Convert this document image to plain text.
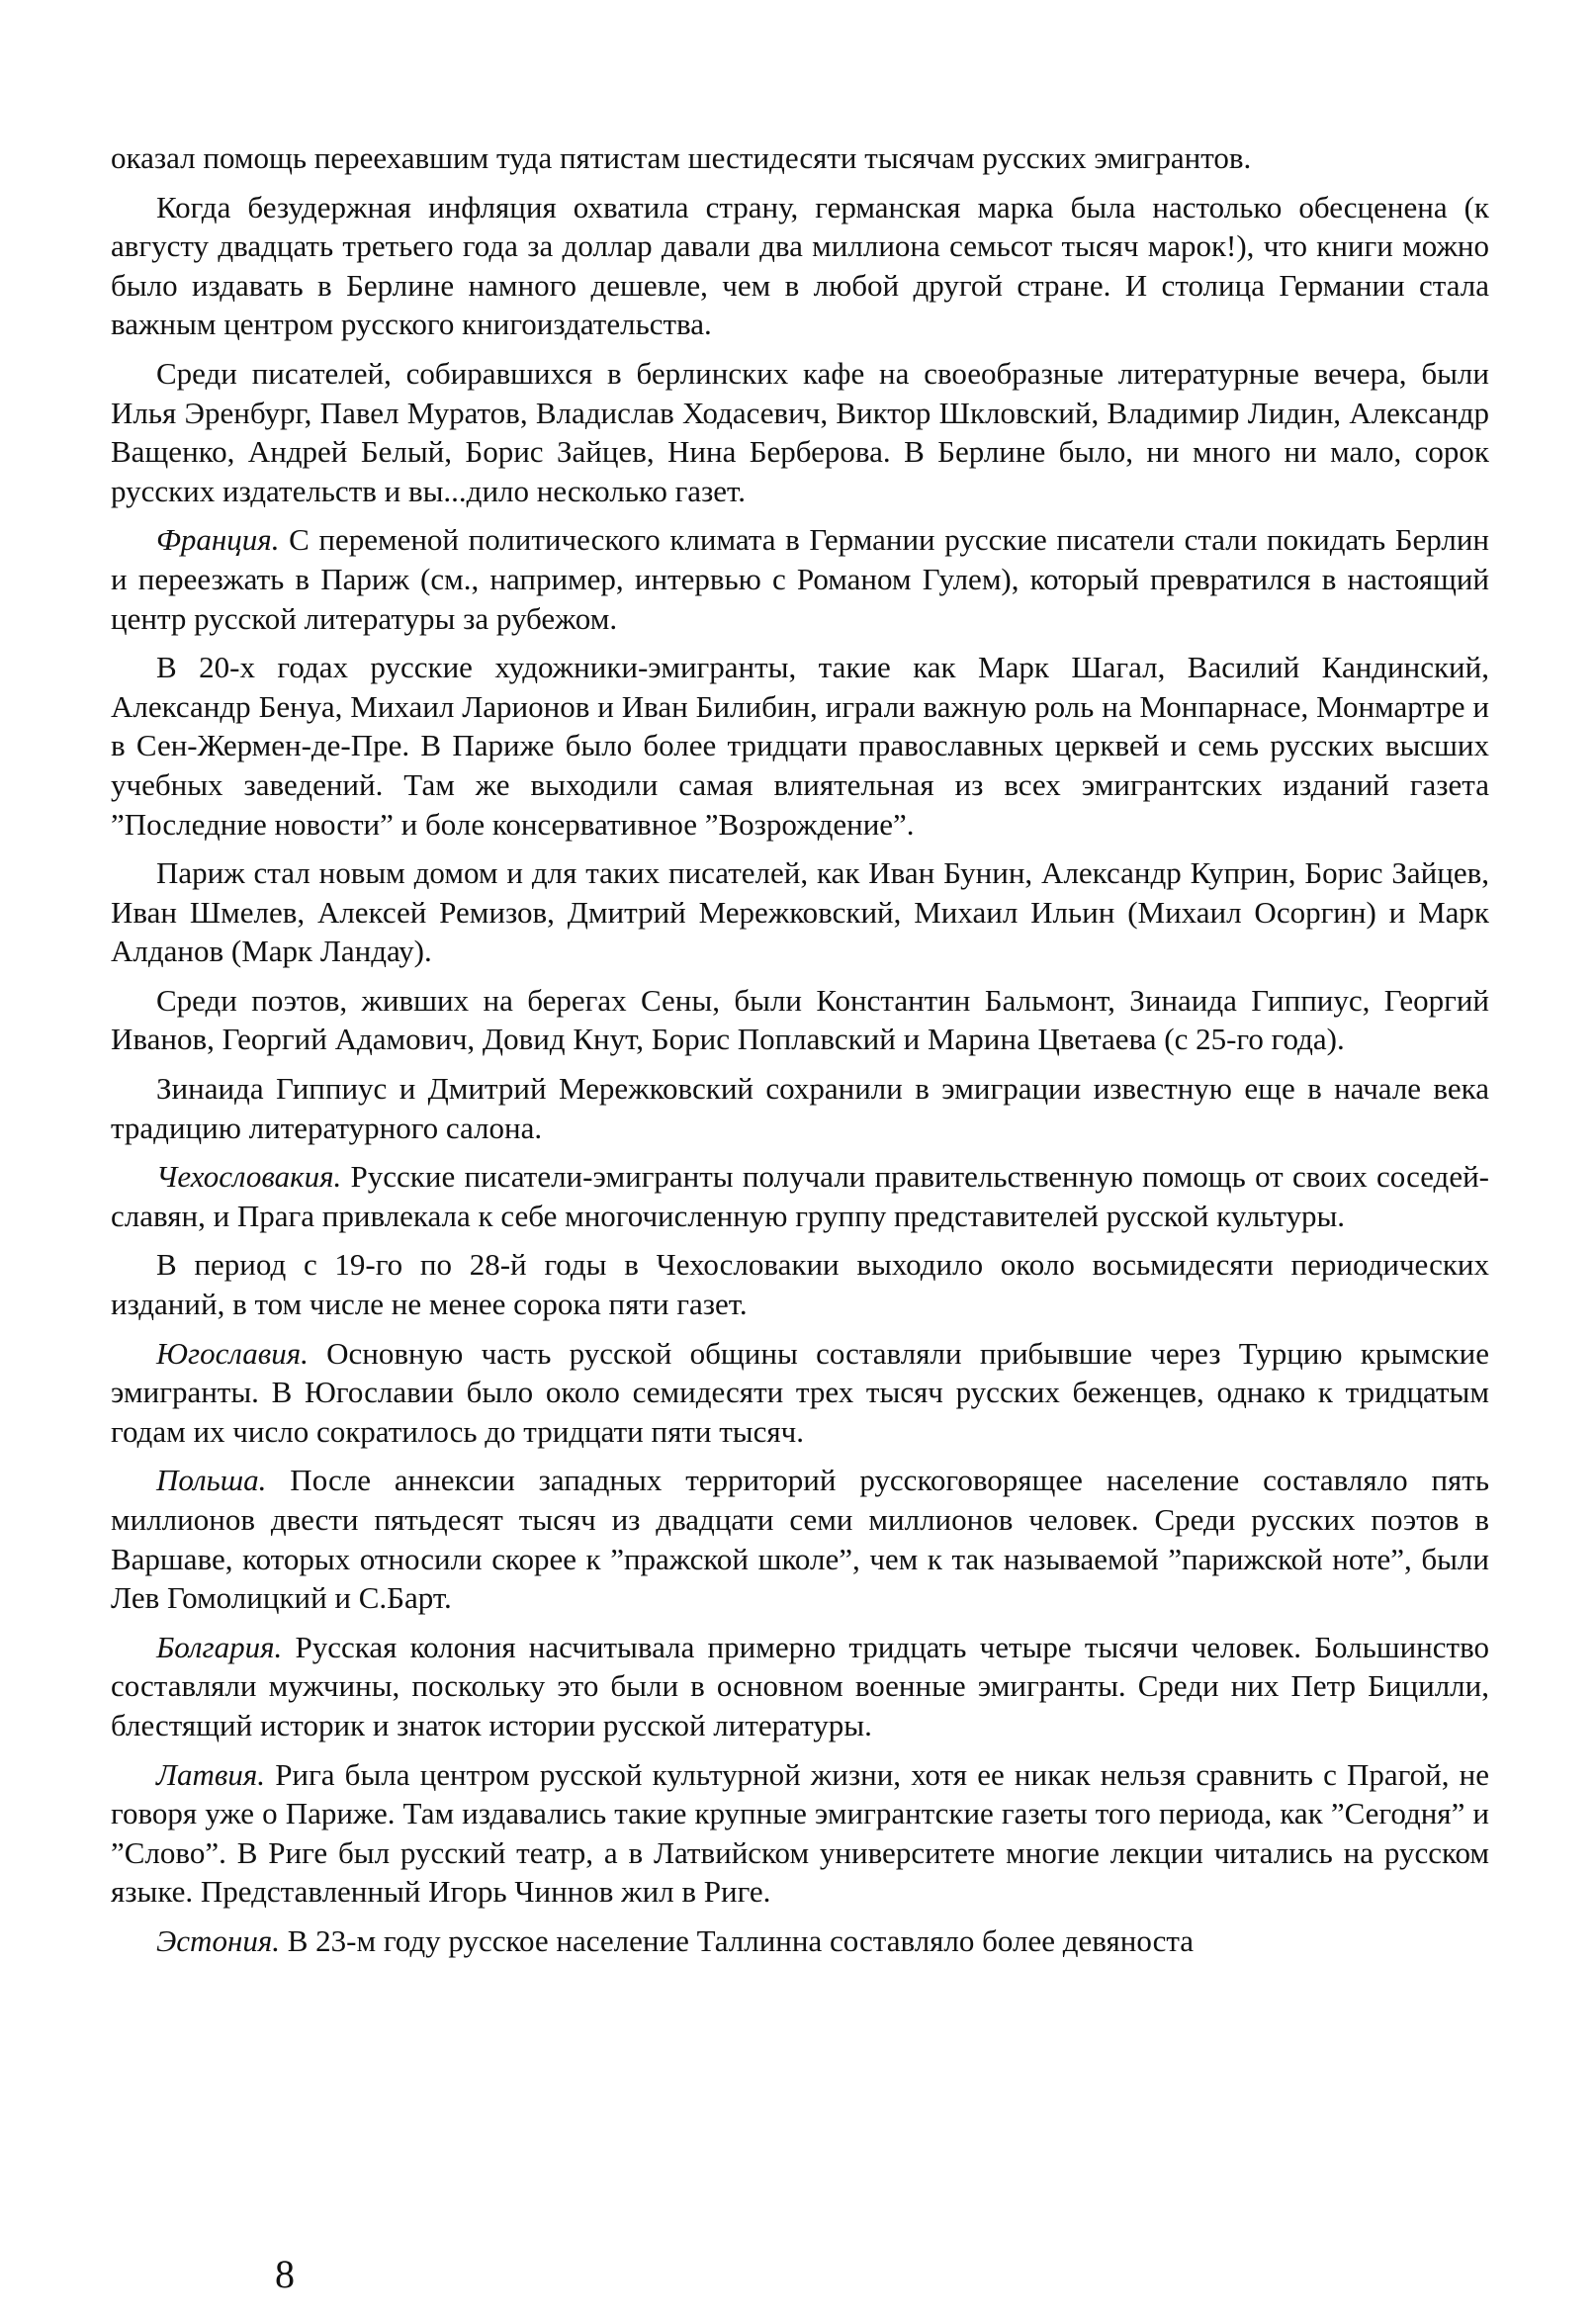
оказал помощь переехавшим туда пятистам шестидесяти тысячам русских эмигрантов.

Когда безудержная инфляция охватила страну, германская марка была настолько обесценена (к августу двадцать третьего года за доллар давали два миллиона семьсот тысяч марок!), что книги можно было издавать в Берлине намного дешевле, чем в любой другой стране. И столица Германии стала важным центром русского книгоиздательства.

Среди писателей, собиравшихся в берлинских кафе на своеобразные литературные вечера, были Илья Эренбург, Павел Муратов, Владислав Ходасевич, Виктор Шкловский, Владимир Лидин, Александр Ващенко, Андрей Белый, Борис Зайцев, Нина Берберова. В Берлине было, ни много ни мало, сорок русских издательств и вы...дило несколько газет.

Франция. С переменой политического климата в Германии русские писатели стали покидать Берлин и переезжать в Париж (см., например, интервью с Романом Гулем), который превратился в настоящий центр русской литературы за рубежом.

В 20-х годах русские художники-эмигранты, такие как Марк Шагал, Василий Кандинский, Александр Бенуа, Михаил Ларионов и Иван Билибин, играли важную роль на Монпарнасе, Монмартре и в Сен-Жермен-де-Пре. В Париже было более тридцати православных церквей и семь русских высших учебных заведений. Там же выходили самая влиятельная из всех эмигрантских изданий газета ”Последние новости” и боле консервативное ”Возрождение”.

Париж стал новым домом и для таких писателей, как Иван Бунин, Александр Куприн, Борис Зайцев, Иван Шмелев, Алексей Ремизов, Дмитрий Мережковский, Михаил Ильин (Михаил Осоргин) и Марк Алданов (Марк Ландау).

Среди поэтов, живших на берегах Сены, были Константин Бальмонт, Зинаида Гиппиус, Георгий Иванов, Георгий Адамович, Довид Кнут, Борис Поплавский и Марина Цветаева (с 25-го года).

Зинаида Гиппиус и Дмитрий Мережковский сохранили в эмиграции известную еще в начале века традицию литературного салона.

Чехословакия. Русские писатели-эмигранты получали правительственную помощь от своих соседей-славян, и Прага привлекала к себе многочисленную группу представителей русской культуры.

В период с 19-го по 28-й годы в Чехословакии выходило около восьмидесяти периодических изданий, в том числе не менее сорока пяти газет.

Югославия. Основную часть русской общины составляли прибывшие через Турцию крымские эмигранты. В Югославии было около семидесяти трех тысяч русских беженцев, однако к тридцатым годам их число сократилось до тридцати пяти тысяч.

Польша. После аннексии западных территорий русскоговорящее население составляло пять миллионов двести пятьдесят тысяч из двадцати семи миллионов человек. Среди русских поэтов в Варшаве, которых относили скорее к ”пражской школе”, чем к так называемой ”парижской ноте”, были Лев Гомолицкий и С.Барт.

Болгария. Русская колония насчитывала примерно тридцать четыре тысячи человек. Большинство составляли мужчины, поскольку это были в основном военные эмигранты. Среди них Петр Бицилли, блестящий историк и знаток истории русской литературы.

Латвия. Рига была центром русской культурной жизни, хотя ее никак нельзя сравнить с Прагой, не говоря уже о Париже. Там издавались такие крупные эмигрантские газеты того периода, как ”Сегодня” и ”Слово”. В Риге был русский театр, а в Латвийском университете многие лекции читались на русском языке. Представленный Игорь Чиннов жил в Риге.

Эстония. В 23-м году русское население Таллинна составляло более девяноста

8
